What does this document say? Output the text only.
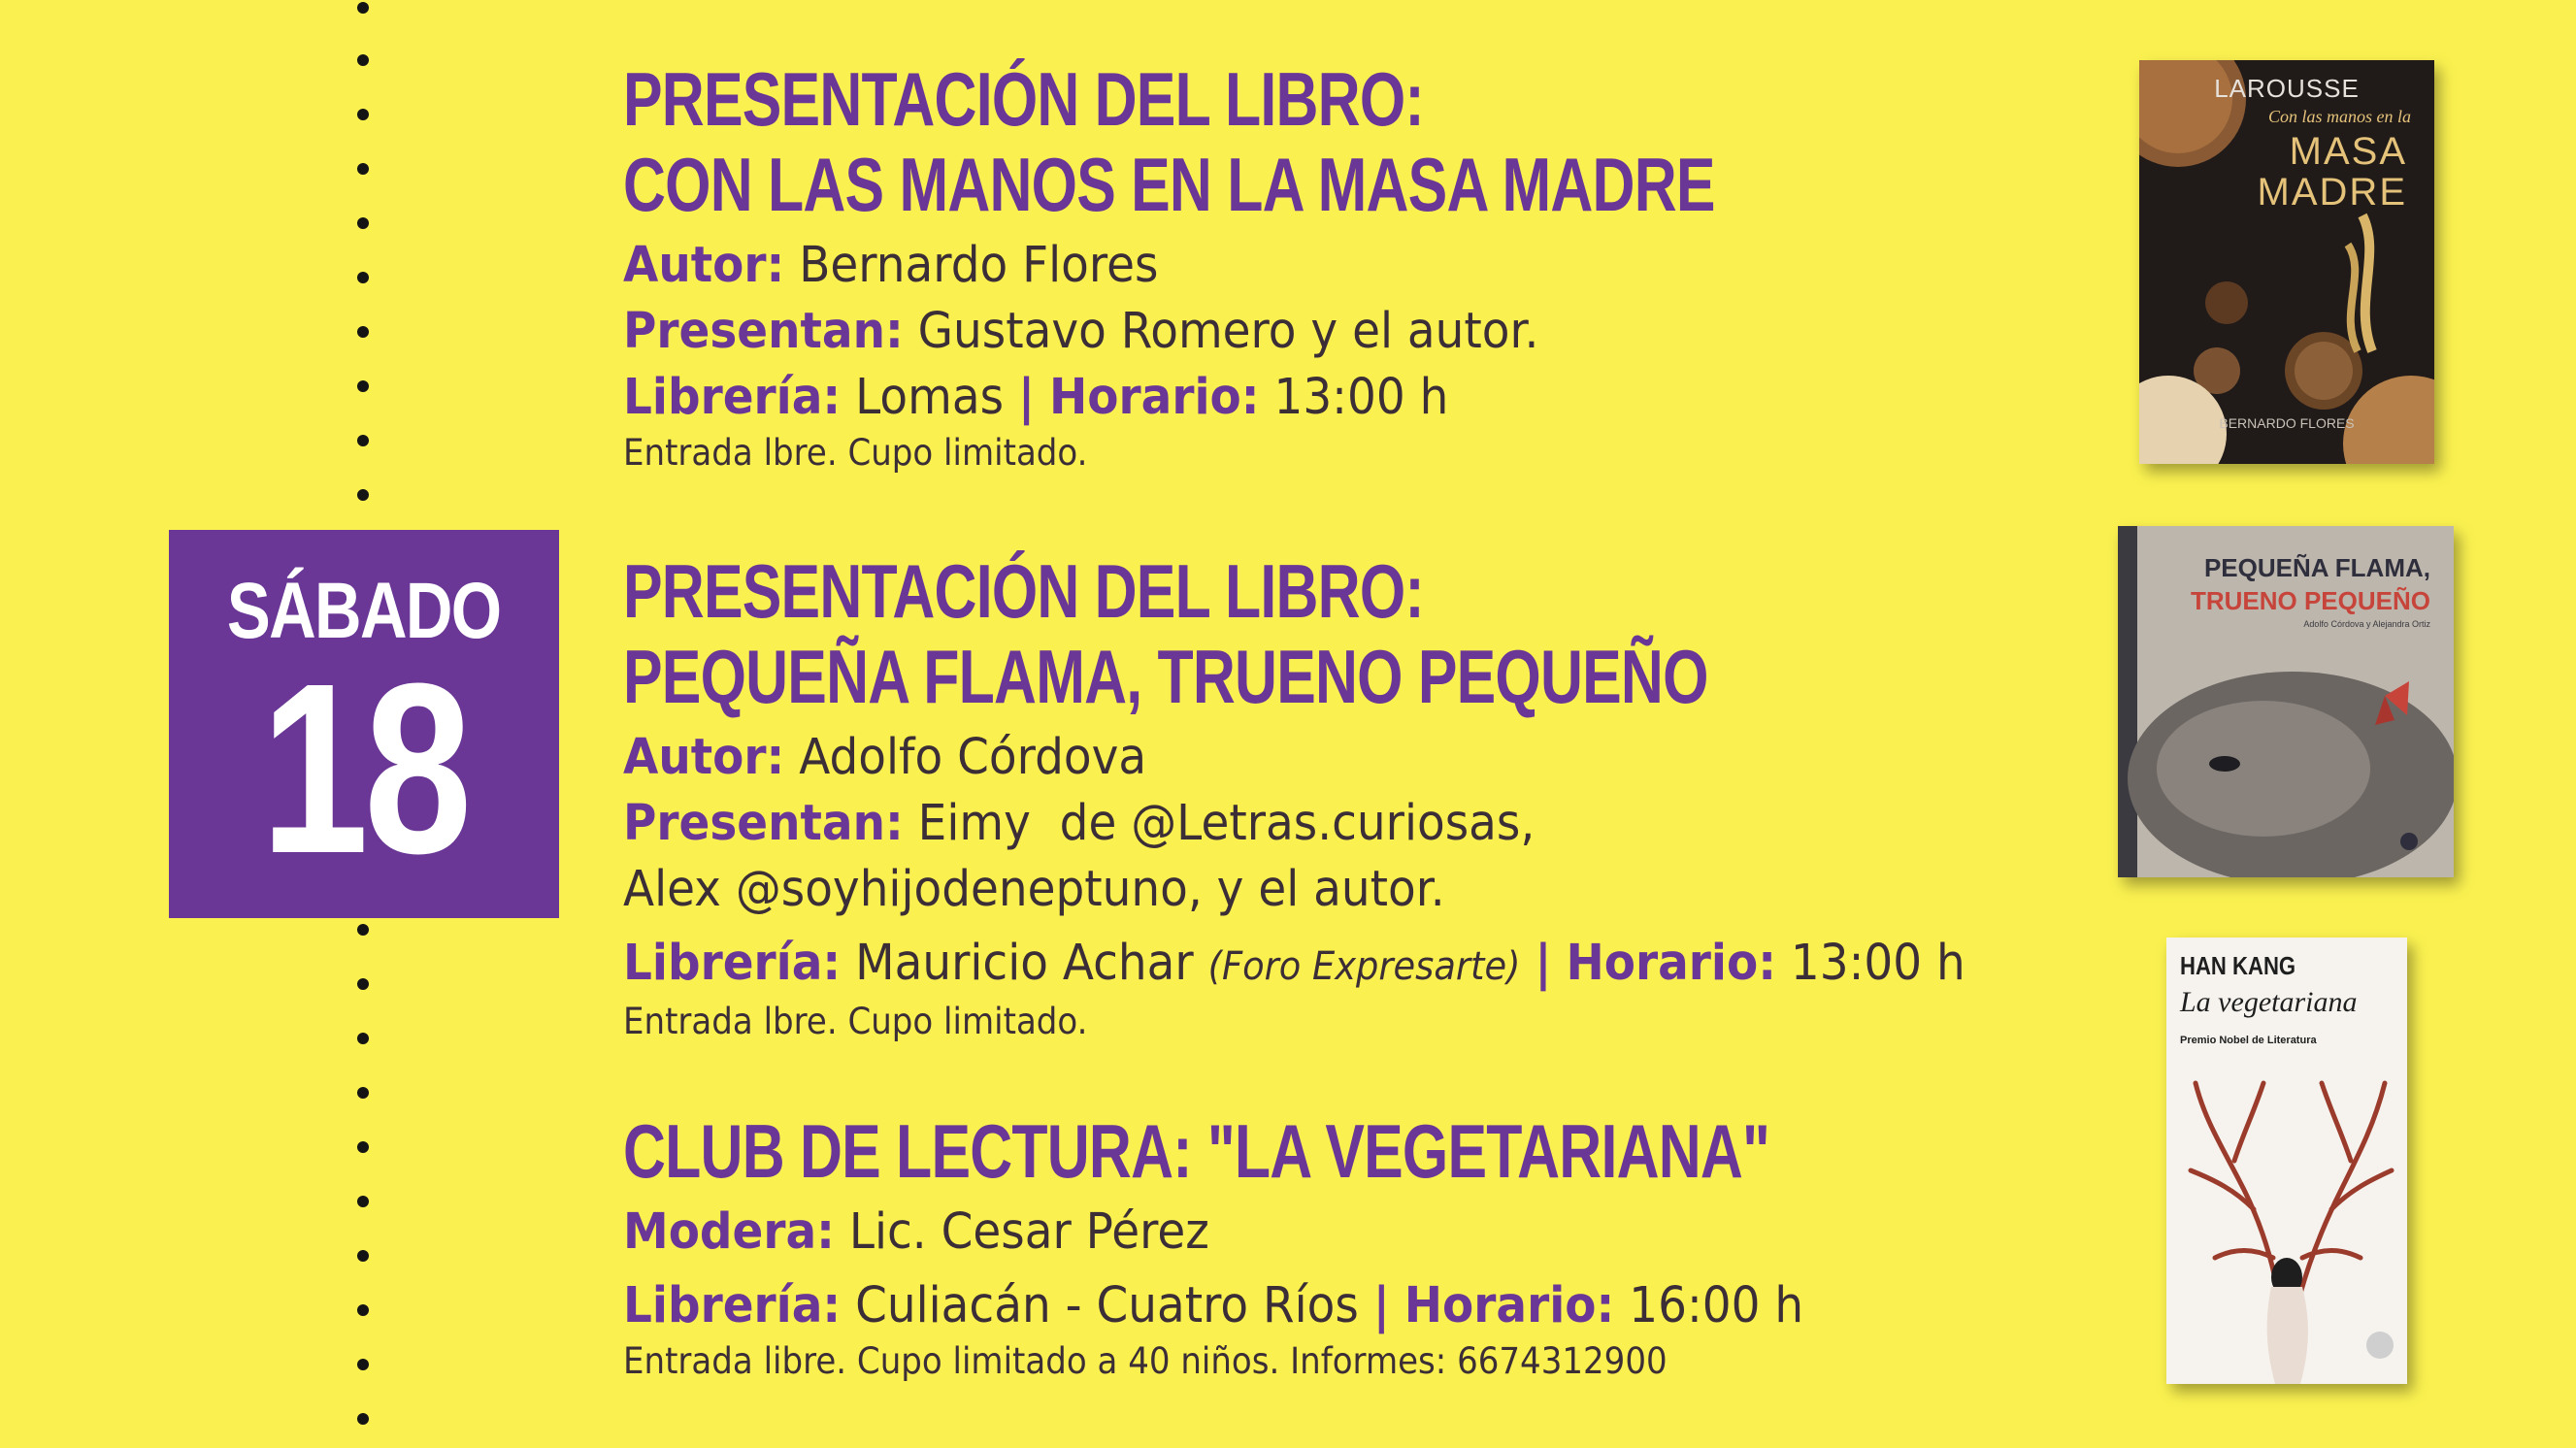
SÁBADO
18
PRESENTACIÓN DEL LIBRO:
CON LAS MANOS EN LA MASA MADRE
Autor: Bernardo Flores
Presentan: Gustavo Romero y el autor.
Librería: Lomas | Horario: 13:00 h
Entrada lbre. Cupo limitado.
PRESENTACIÓN DEL LIBRO:
PEQUEÑA FLAMA, TRUENO PEQUEÑO
Autor: Adolfo Córdova
Presentan: Eimy  de @Letras.curiosas,
Alex @soyhijodeneptuno, y el autor.
Librería: Mauricio Achar (Foro Expresarte) | Horario: 13:00 h
Entrada lbre. Cupo limitado.
CLUB DE LECTURA: "LA VEGETARIANA"
Modera: Lic. Cesar Pérez
Librería: Culiacán - Cuatro Ríos | Horario: 16:00 h
Entrada libre. Cupo limitado a 40 niños. Informes: 6674312900
LAROUSSE
Con las manos en la
MASA
MADRE
BERNARDO FLORES
PEQUEÑA FLAMA,
TRUENO PEQUEÑO
Adolfo Córdova y Alejandra Ortiz
HAN KANG
La vegetariana
Premio Nobel de Literatura
